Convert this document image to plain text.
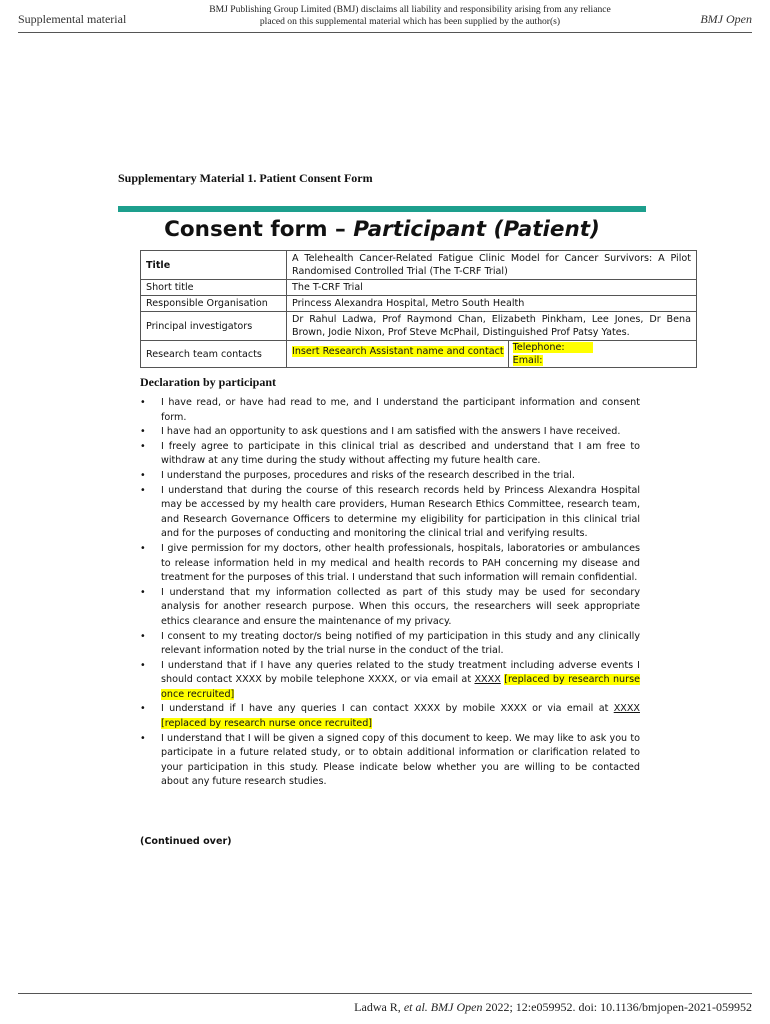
Supplemental material
BMJ Publishing Group Limited (BMJ) disclaims all liability and responsibility arising from any reliance
placed on this supplemental material which has been supplied by the author(s)	BMJ Open
Supplementary Material 1. Patient Consent Form
Consent form – Participant (Patient)
Title	A Telehealth Cancer-Related Fatigue Clinic Model for Cancer Survivors: A Pilot Randomised Controlled Trial (The T-CRF Trial)
Short title	The T-CRF Trial
Responsible Organisation	Princess Alexandra Hospital, Metro South Health
Principal investigators	Dr Rahul Ladwa, Prof Raymond Chan, Elizabeth Pinkham, Lee Jones, Dr Bena Brown, Jodie Nixon, Prof Steve McPhail, Distinguished Prof Patsy Yates.
Research team contacts	Insert Research Assistant name and contact Telephone:
Email:
Declaration by participant
• I have read, or have had read to me, and I understand the participant information and consent form.
• I have had an opportunity to ask questions and I am satisfied with the answers I have received.
• I freely agree to participate in this clinical trial as described and understand that I am free to withdraw at any time during the study without affecting my future health care.
• I understand the purposes, procedures and risks of the research described in the trial.
• I understand that during the course of this research records held by Princess Alexandra Hospital may be accessed by my health care providers, Human Research Ethics Committee, research team, and Research Governance Officers to determine my eligibility for participation in this clinical trial and for the purposes of conducting and monitoring the clinical trial and verifying results.
• I give permission for my doctors, other health professionals, hospitals, laboratories or ambulances to release information held in my medical and health records to PAH concerning my disease and treatment for the purposes of this trial. I understand that such information will remain confidential.
• I understand that my information collected as part of this study may be used for secondary analysis for another research purpose. When this occurs, the researchers will seek appropriate ethics clearance and ensure the maintenance of my privacy.
• I consent to my treating doctor/s being notified of my participation in this study and any clinically relevant information noted by the trial nurse in the conduct of the trial.
• I understand that if I have any queries related to the study treatment including adverse events I should contact XXXX by mobile telephone XXXX, or via email at XXXX [replaced by research nurse once recruited]
• I understand if I have any queries I can contact XXXX by mobile XXXX or via email at XXXX [replaced by research nurse once recruited]
• I understand that I will be given a signed copy of this document to keep. We may like to ask you to participate in a future related study, or to obtain additional information or clarification related to your participation in this study. Please indicate below whether you are willing to be contacted about any future research studies.
(Continued over)
Ladwa R, et al. BMJ Open 2022; 12:e059952. doi: 10.1136/bmjopen-2021-059952
